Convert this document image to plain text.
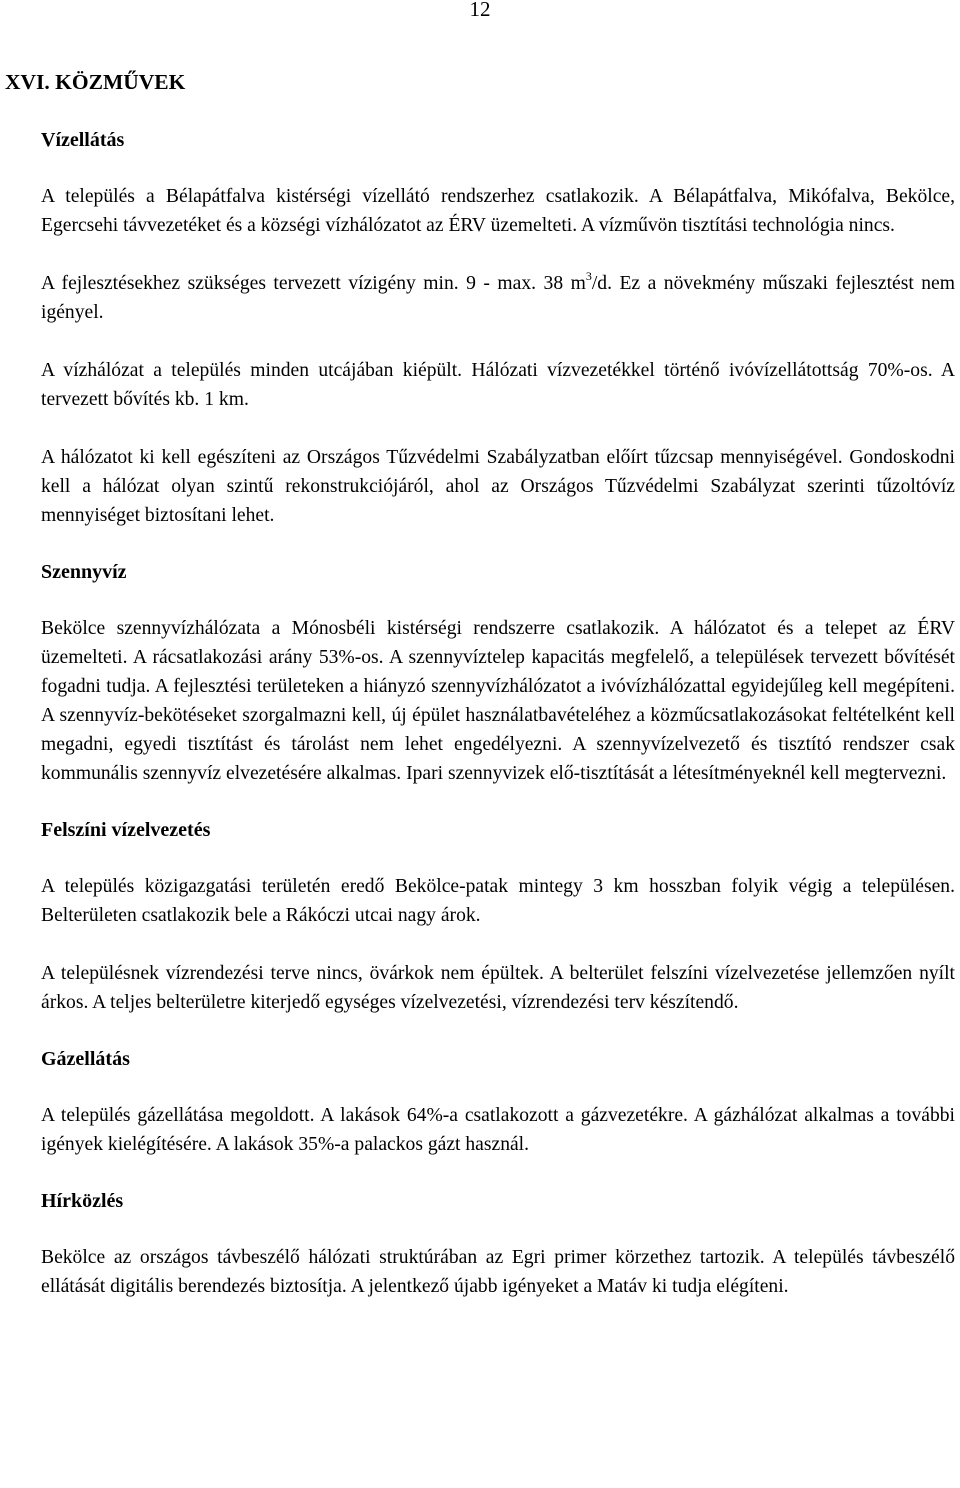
12
XVI. KÖZMŰVEK
Vízellátás

A település a Bélapátfalva kistérségi vízellátó rendszerhez csatlakozik. A Bélapátfalva, Mikófalva, Bekölce, Egercsehi távvezetéket és a községi vízhálózatot az ÉRV üzemelteti. A vízművön tisztítási technológia nincs.

A fejlesztésekhez szükséges tervezett vízigény min. 9 - max. 38 $m^3/d$. Ez a növekmény műszaki fejlesztést nem igényel.

A vízhálózat a település minden utcájában kiépült. Hálózati vízvezetékkel történő ivóvízellátottság 70%-os. A tervezett bővítés kb. 1 km.

A hálózatot ki kell egészíteni az Országos Tűzvédelmi Szabályzatban előírt tűzcsap mennyiségével. Gondoskodni kell a hálózat olyan szintű rekonstrukciójáról, ahol az Országos Tűzvédelmi Szabályzat szerinti tűzoltóvíz mennyiséget biztosítani lehet.

Szennyvíz

Bekölce szennyvízhálózata a Mónosbéli kistérségi rendszerre csatlakozik. A hálózatot és a telepet az ÉRV üzemelteti. A rácsatlakozási arány 53%-os. A szennyvíztelep kapacitás megfelelő, a települések tervezett bővítését fogadni tudja. A fejlesztési területeken a hiányzó szennyvízhálózatot a ivóvízhálózattal egyidejűleg kell megépíteni. A szennyvíz-bekötéseket szorgalmazni kell, új épület használatbavételéhez a közműcsatlakozásokat feltételként kell megadni, egyedi tisztítást és tárolást nem lehet engedélyezni. A szennyvízelvezető és tisztító rendszer csak kommunális szennyvíz elvezetésére alkalmas. Ipari szennyvizek elő-tisztítását a létesítményeknél kell megtervezni.

Felszíni vízelvezetés

A település közigazgatási területén eredő Bekölce-patak mintegy 3 km hosszban folyik végig a településen. Belterületen csatlakozik bele a Rákóczi utcai nagy árok.

A településnek vízrendezési terve nincs, övárkok nem épültek. A belterület felszíni vízelvezetése jellemzően nyílt árkos. A teljes belterületre kiterjedő egységes vízelvezetési, vízrendezési terv készítendő.

Gázellátás

A település gázellátása megoldott. A lakások 64%-a csatlakozott a gázvezetékre. A gázhálózat alkalmas a további igények kielégítésére. A lakások 35%-a palackos gázt használ.

Hírközlés

Bekölce az országos távbeszélő hálózati struktúrában az Egri primer körzethez tartozik. A település távbeszélő ellátását digitális berendezés biztosítja. A jelentkező újabb igényeket a Matáv ki tudja elégíteni.
